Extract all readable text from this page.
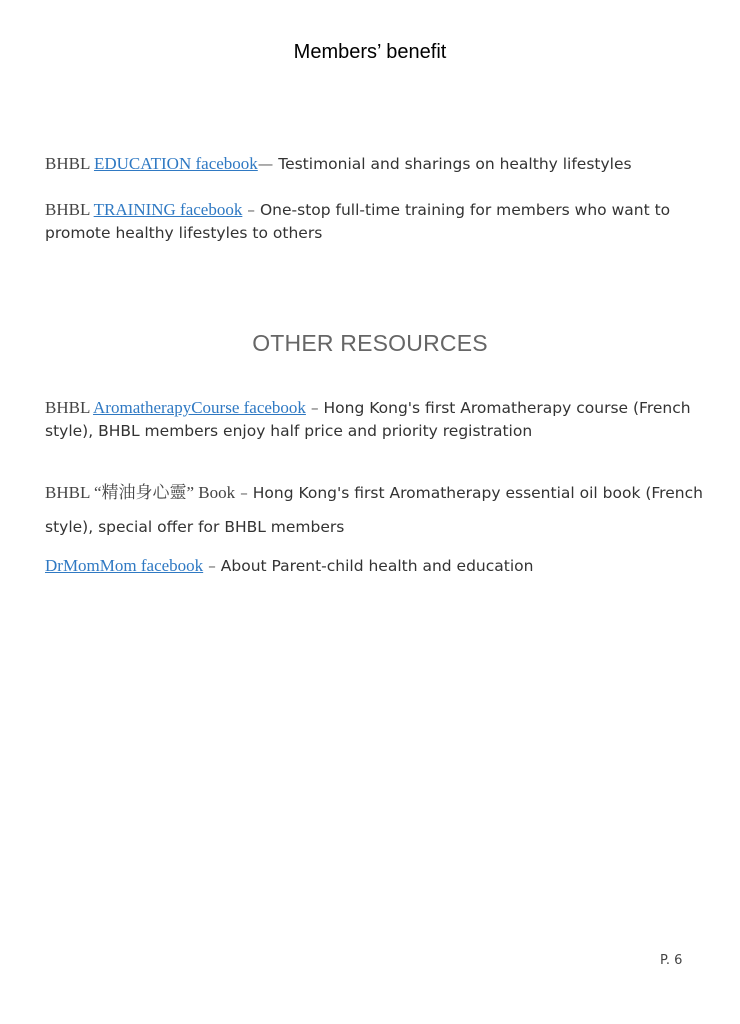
Members’ benefit

BHBL EDUCATION facebook— Testimonial and sharings on healthy lifestyles

BHBL TRAINING facebook – One-stop full-time training for members who want to promote healthy lifestyles to others

OTHER RESOURCES

BHBL AromatherapyCourse facebook – Hong Kong's first Aromatherapy course (French style), BHBL members enjoy half price and priority registration

BHBL “精油身心靈” Book – Hong Kong's first Aromatherapy essential oil book (French style), special offer for BHBL members

DrMomMom facebook – About Parent-child health and education

P. 6
